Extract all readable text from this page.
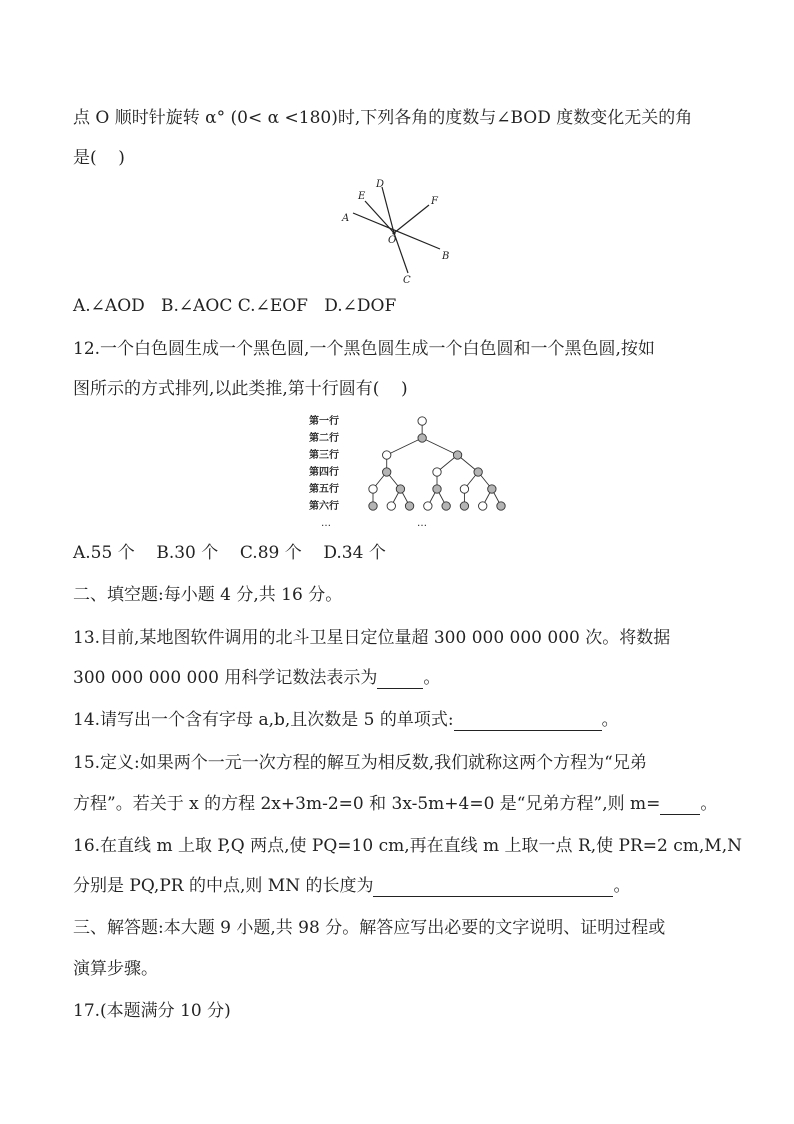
点 O 顺时针旋转 α° (0< α <180)时,下列各角的度数与∠BOD 度数变化无关的角
是(    )
D
E	F
A
O
B
C
A.∠AOD B.∠AOC C.∠EOF D.∠DOF
12.一个白色圆生成一个黑色圆,一个黑色圆生成一个白色圆和一个黑色圆,按如
图所示的方式排列,以此类推,第十行圆有(    )
第一行
第二行
第三行
第四行
第五行
第六行
…	…
A.55 个 B.30 个 C.89 个 D.34 个
二、填空题:每小题 4 分,共 16 分。
13.目前,某地图软件调用的北斗卫星日定位量超 300 000 000 000 次。将数据
300 000 000 000 用科学记数法表示为	。
14.请写出一个含有字母 a,b,且次数是 5 的单项式:	。
15.定义:如果两个一元一次方程的解互为相反数,我们就称这两个方程为“兄弟
方程”。若关于 x 的方程 2x+3m-2=0 和 3x-5m+4=0 是“兄弟方程”,则 m= 。
16.在直线 m 上取 P,Q 两点,使 PQ=10 cm,再在直线 m 上取一点 R,使 PR=2 cm,M,N
分别是 PQ,PR 的中点,则 MN 的长度为	。
三、解答题:本大题 9 小题,共 98 分。解答应写出必要的文字说明、证明过程或
演算步骤。
17.(本题满分 10 分)
